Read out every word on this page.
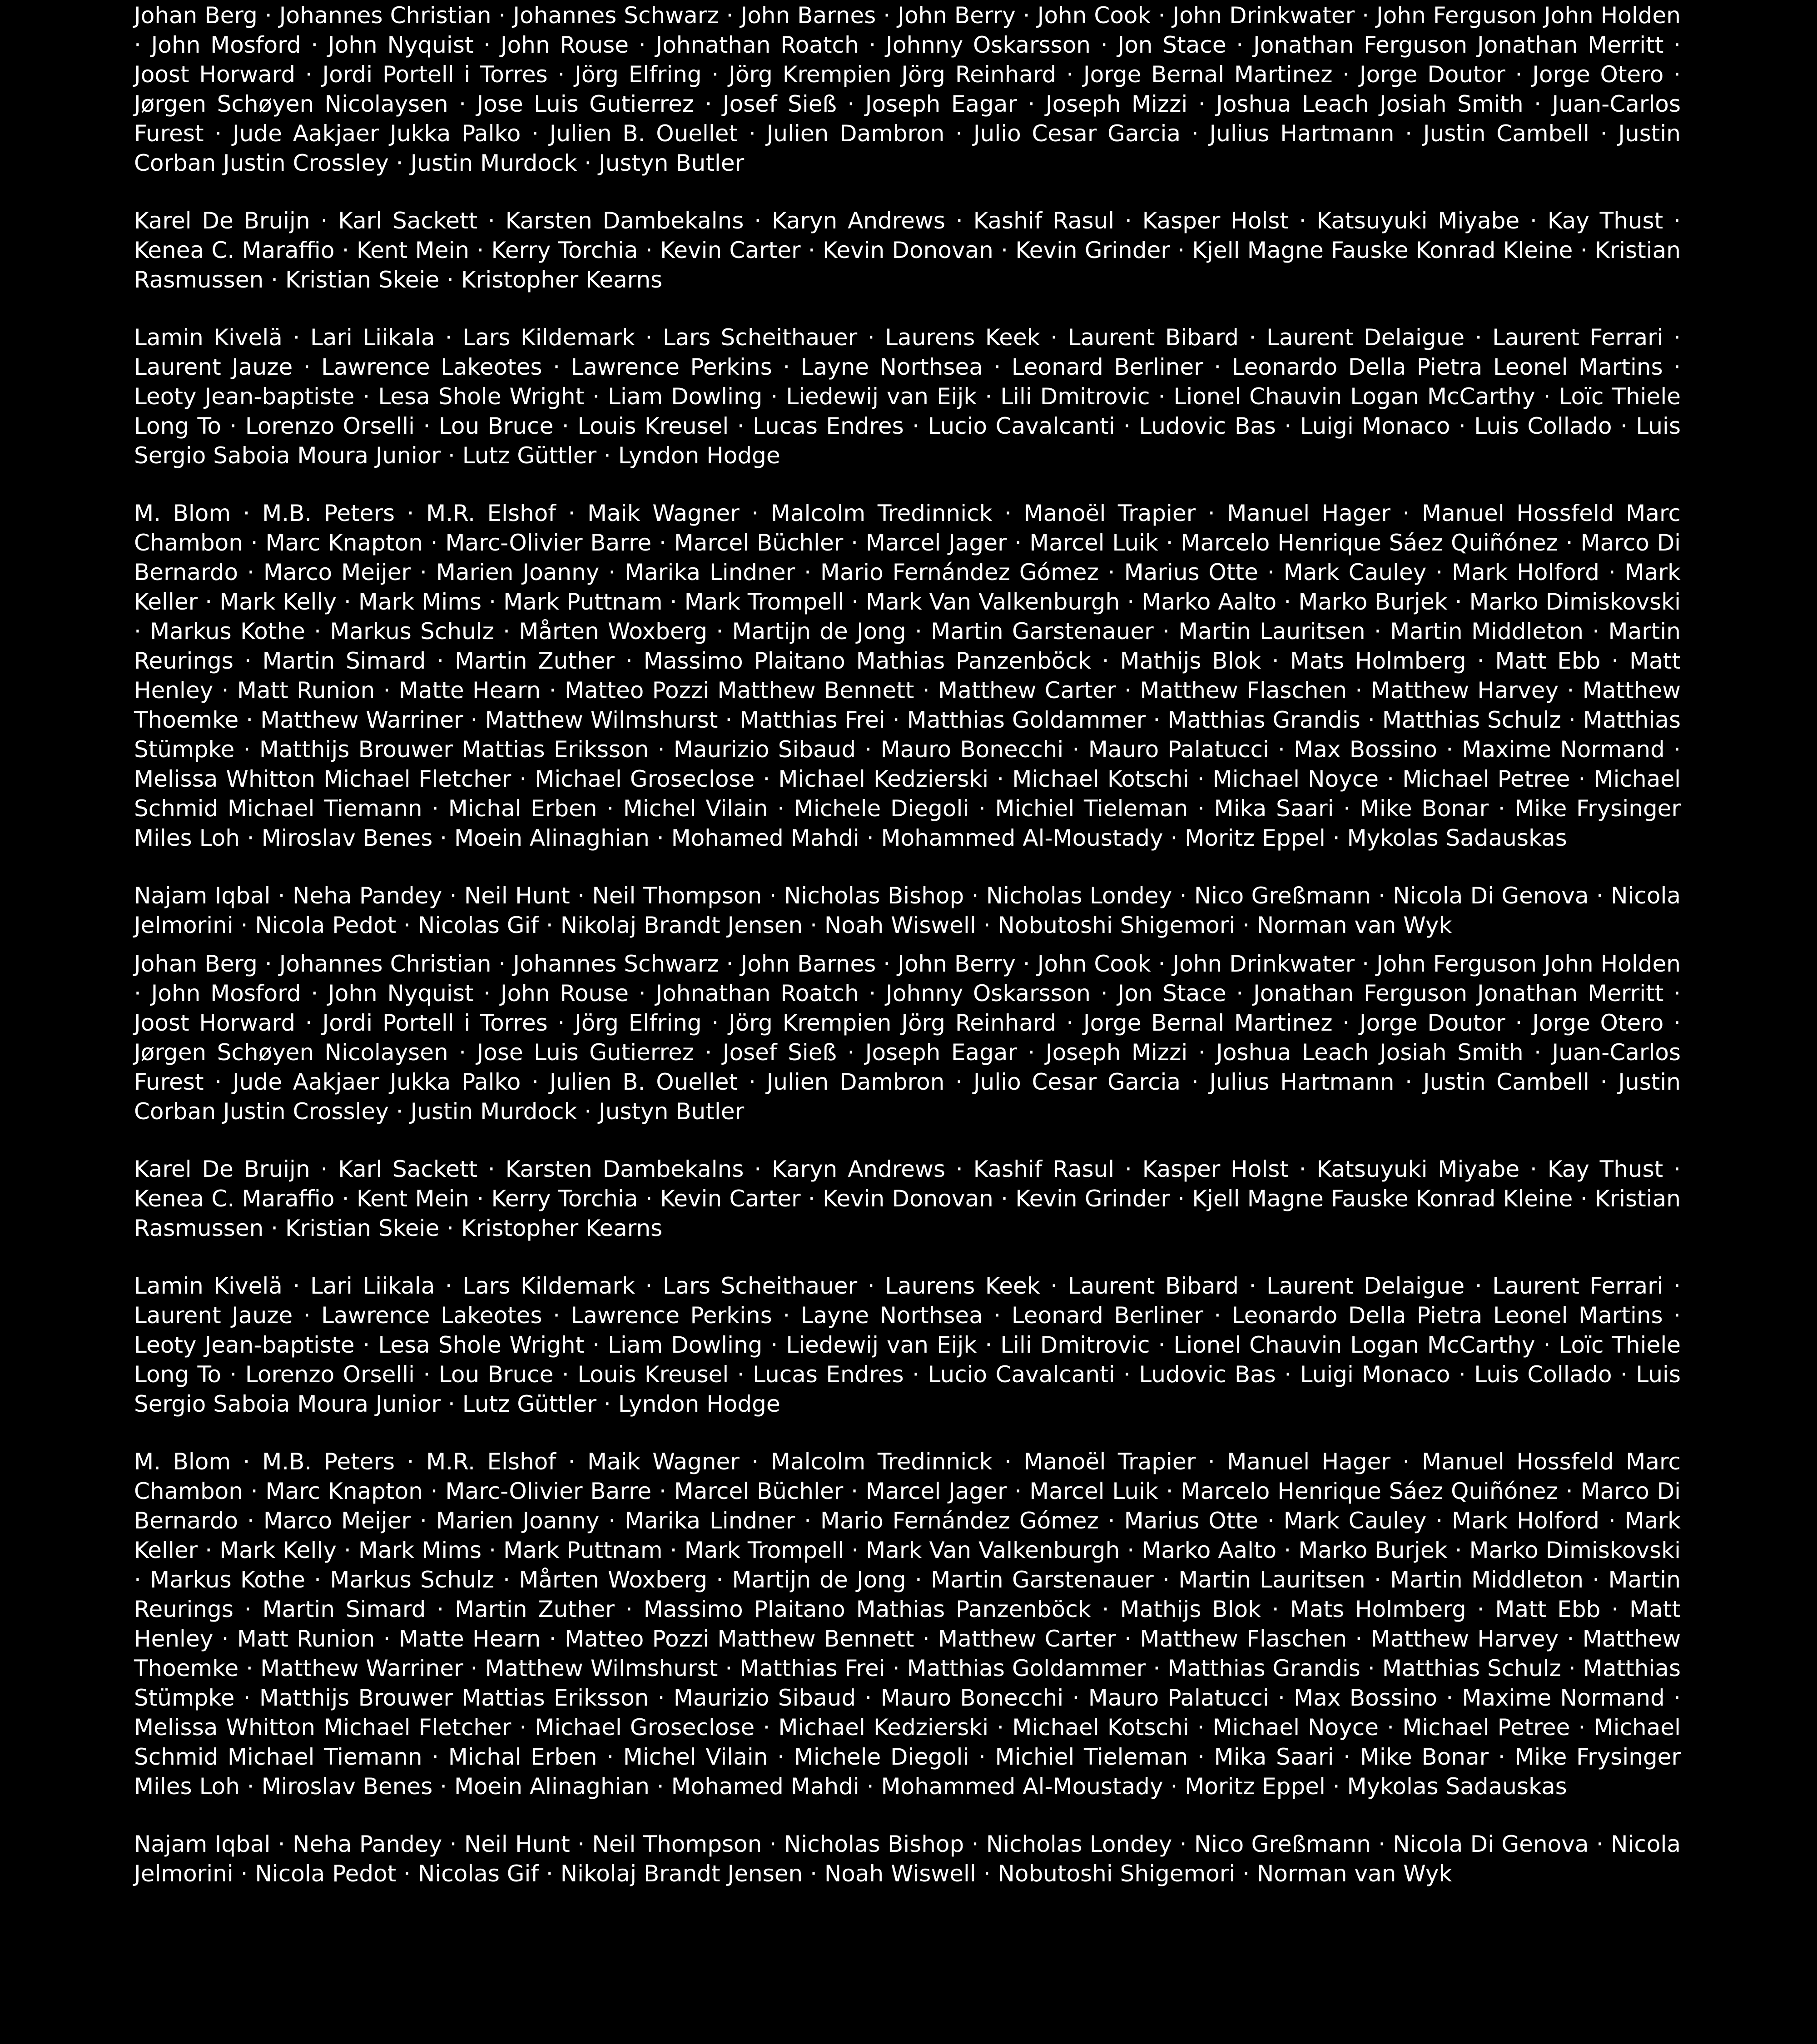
Johan Berg · Johannes Christian · Johannes Schwarz · John Barnes · John Berry · John Cook · John Drinkwater · John Ferguson John Holden · John Mosford · John Nyquist · John Rouse · Johnathan Roatch · Johnny Oskarsson · Jon Stace · Jonathan Ferguson Jonathan Merritt · Joost Horward · Jordi Portell i Torres · Jörg Elfring · Jörg Krempien Jörg Reinhard · Jorge Bernal Martinez · Jorge Doutor · Jorge Otero · Jørgen Schøyen Nicolaysen · Jose Luis Gutierrez · Josef Sieß · Joseph Eagar · Joseph Mizzi · Joshua Leach Josiah Smith · Juan-Carlos Furest · Jude Aakjaer Jukka Palko · Julien B. Ouellet · Julien Dambron · Julio Cesar Garcia · Julius Hartmann · Justin Cambell · Justin Corban Justin Crossley · Justin Murdock · Justyn Butler

Karel De Bruijn · Karl Sackett · Karsten Dambekalns · Karyn Andrews · Kashif Rasul · Kasper Holst · Katsuyuki Miyabe · Kay Thust · Kenea C. Maraffio · Kent Mein · Kerry Torchia · Kevin Carter · Kevin Donovan · Kevin Grinder · Kjell Magne Fauske Konrad Kleine · Kristian Rasmussen · Kristian Skeie · Kristopher Kearns

Lamin Kivelä · Lari Liikala · Lars Kildemark · Lars Scheithauer · Laurens Keek · Laurent Bibard · Laurent Delaigue · Laurent Ferrari · Laurent Jauze · Lawrence Lakeotes · Lawrence Perkins · Layne Northsea · Leonard Berliner · Leonardo Della Pietra Leonel Martins · Leoty Jean-baptiste · Lesa Shole Wright · Liam Dowling · Liedewij van Eijk · Lili Dmitrovic · Lionel Chauvin Logan McCarthy · Loïc Thiele Long To · Lorenzo Orselli · Lou Bruce · Louis Kreusel · Lucas Endres · Lucio Cavalcanti · Ludovic Bas · Luigi Monaco · Luis Collado · Luis Sergio Saboia Moura Junior · Lutz Güttler · Lyndon Hodge

M. Blom · M.B. Peters · M.R. Elshof · Maik Wagner · Malcolm Tredinnick · Manoël Trapier · Manuel Hager · Manuel Hossfeld Marc Chambon · Marc Knapton · Marc-Olivier Barre · Marcel Büchler · Marcel Jager · Marcel Luik · Marcelo Henrique Sáez Quiñónez · Marco Di Bernardo · Marco Meijer · Marien Joanny · Marika Lindner · Mario Fernández Gómez · Marius Otte · Mark Cauley · Mark Holford · Mark Keller · Mark Kelly · Mark Mims · Mark Puttnam · Mark Trompell · Mark Van Valkenburgh · Marko Aalto · Marko Burjek · Marko Dimiskovski · Markus Kothe · Markus Schulz · Mårten Woxberg · Martijn de Jong · Martin Garstenauer · Martin Lauritsen · Martin Middleton · Martin Reurings · Martin Simard · Martin Zuther · Massimo Plaitano Mathias Panzenböck · Mathijs Blok · Mats Holmberg · Matt Ebb · Matt Henley · Matt Runion · Matte Hearn · Matteo Pozzi Matthew Bennett · Matthew Carter · Matthew Flaschen · Matthew Harvey · Matthew Thoemke · Matthew Warriner · Matthew Wilmshurst · Matthias Frei · Matthias Goldammer · Matthias Grandis · Matthias Schulz · Matthias Stümpke · Matthijs Brouwer Mattias Eriksson · Maurizio Sibaud · Mauro Bonecchi · Mauro Palatucci · Max Bossino · Maxime Normand · Melissa Whitton Michael Fletcher · Michael Groseclose · Michael Kedzierski · Michael Kotschi · Michael Noyce · Michael Petree · Michael Schmid Michael Tiemann · Michal Erben · Michel Vilain · Michele Diegoli · Michiel Tieleman · Mika Saari · Mike Bonar · Mike Frysinger Miles Loh · Miroslav Benes · Moein Alinaghian · Mohamed Mahdi · Mohammed Al-Moustady · Moritz Eppel · Mykolas Sadauskas

Najam Iqbal · Neha Pandey · Neil Hunt · Neil Thompson · Nicholas Bishop · Nicholas Londey · Nico Greßmann · Nicola Di Genova · Nicola Jelmorini · Nicola Pedot · Nicolas Gif · Nikolaj Brandt Jensen · Noah Wiswell · Nobutoshi Shigemori · Norman van Wyk

Johan Berg · Johannes Christian · Johannes Schwarz · John Barnes · John Berry · John Cook · John Drinkwater · John Ferguson John Holden · John Mosford · John Nyquist · John Rouse · Johnathan Roatch · Johnny Oskarsson · Jon Stace · Jonathan Ferguson Jonathan Merritt · Joost Horward · Jordi Portell i Torres · Jörg Elfring · Jörg Krempien Jörg Reinhard · Jorge Bernal Martinez · Jorge Doutor · Jorge Otero · Jørgen Schøyen Nicolaysen · Jose Luis Gutierrez · Josef Sieß · Joseph Eagar · Joseph Mizzi · Joshua Leach Josiah Smith · Juan-Carlos Furest · Jude Aakjaer Jukka Palko · Julien B. Ouellet · Julien Dambron · Julio Cesar Garcia · Julius Hartmann · Justin Cambell · Justin Corban Justin Crossley · Justin Murdock · Justyn Butler

Karel De Bruijn · Karl Sackett · Karsten Dambekalns · Karyn Andrews · Kashif Rasul · Kasper Holst · Katsuyuki Miyabe · Kay Thust · Kenea C. Maraffio · Kent Mein · Kerry Torchia · Kevin Carter · Kevin Donovan · Kevin Grinder · Kjell Magne Fauske Konrad Kleine · Kristian Rasmussen · Kristian Skeie · Kristopher Kearns

Lamin Kivelä · Lari Liikala · Lars Kildemark · Lars Scheithauer · Laurens Keek · Laurent Bibard · Laurent Delaigue · Laurent Ferrari · Laurent Jauze · Lawrence Lakeotes · Lawrence Perkins · Layne Northsea · Leonard Berliner · Leonardo Della Pietra Leonel Martins · Leoty Jean-baptiste · Lesa Shole Wright · Liam Dowling · Liedewij van Eijk · Lili Dmitrovic · Lionel Chauvin Logan McCarthy · Loïc Thiele Long To · Lorenzo Orselli · Lou Bruce · Louis Kreusel · Lucas Endres · Lucio Cavalcanti · Ludovic Bas · Luigi Monaco · Luis Collado · Luis Sergio Saboia Moura Junior · Lutz Güttler · Lyndon Hodge

M. Blom · M.B. Peters · M.R. Elshof · Maik Wagner · Malcolm Tredinnick · Manoël Trapier · Manuel Hager · Manuel Hossfeld Marc Chambon · Marc Knapton · Marc-Olivier Barre · Marcel Büchler · Marcel Jager · Marcel Luik · Marcelo Henrique Sáez Quiñónez · Marco Di Bernardo · Marco Meijer · Marien Joanny · Marika Lindner · Mario Fernández Gómez · Marius Otte · Mark Cauley · Mark Holford · Mark Keller · Mark Kelly · Mark Mims · Mark Puttnam · Mark Trompell · Mark Van Valkenburgh · Marko Aalto · Marko Burjek · Marko Dimiskovski · Markus Kothe · Markus Schulz · Mårten Woxberg · Martijn de Jong · Martin Garstenauer · Martin Lauritsen · Martin Middleton · Martin Reurings · Martin Simard · Martin Zuther · Massimo Plaitano Mathias Panzenböck · Mathijs Blok · Mats Holmberg · Matt Ebb · Matt Henley · Matt Runion · Matte Hearn · Matteo Pozzi Matthew Bennett · Matthew Carter · Matthew Flaschen · Matthew Harvey · Matthew Thoemke · Matthew Warriner · Matthew Wilmshurst · Matthias Frei · Matthias Goldammer · Matthias Grandis · Matthias Schulz · Matthias Stümpke · Matthijs Brouwer Mattias Eriksson · Maurizio Sibaud · Mauro Bonecchi · Mauro Palatucci · Max Bossino · Maxime Normand · Melissa Whitton Michael Fletcher · Michael Groseclose · Michael Kedzierski · Michael Kotschi · Michael Noyce · Michael Petree · Michael Schmid Michael Tiemann · Michal Erben · Michel Vilain · Michele Diegoli · Michiel Tieleman · Mika Saari · Mike Bonar · Mike Frysinger Miles Loh · Miroslav Benes · Moein Alinaghian · Mohamed Mahdi · Mohammed Al-Moustady · Moritz Eppel · Mykolas Sadauskas

Najam Iqbal · Neha Pandey · Neil Hunt · Neil Thompson · Nicholas Bishop · Nicholas Londey · Nico Greßmann · Nicola Di Genova · Nicola Jelmorini · Nicola Pedot · Nicolas Gif · Nikolaj Brandt Jensen · Noah Wiswell · Nobutoshi Shigemori · Norman van Wyk
